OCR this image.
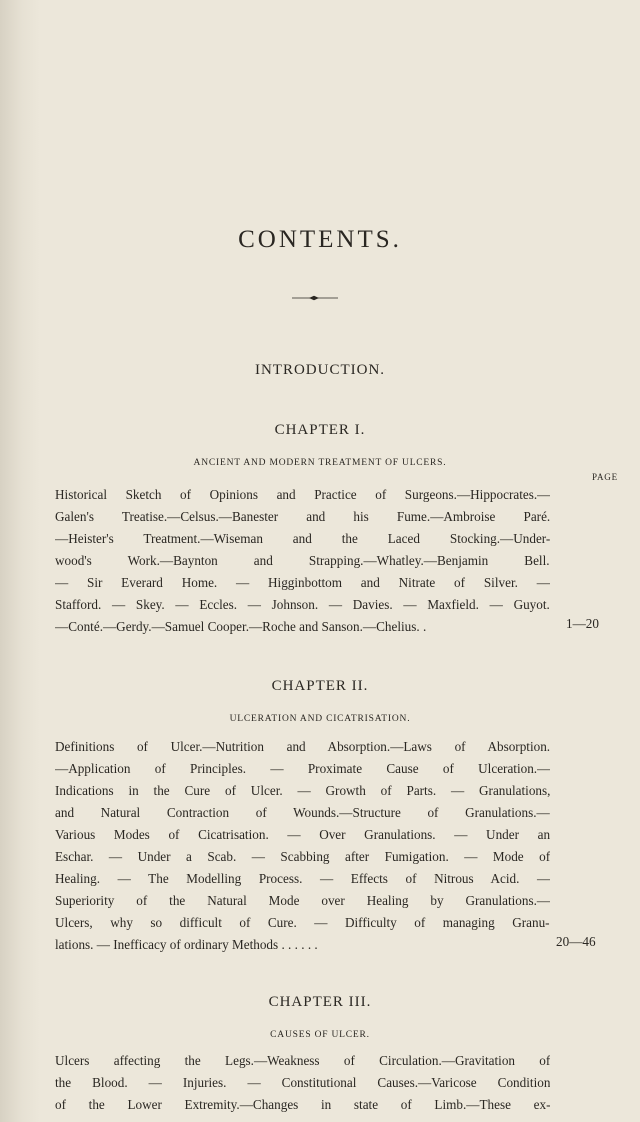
CONTENTS.
INTRODUCTION.
CHAPTER I.
ANCIENT AND MODERN TREATMENT OF ULCERS.
PAGE
Historical Sketch of Opinions and Practice of Surgeons.—Hippocrates.—
Galen's Treatise.—Celsus.—Banester and his Fume.—Ambroise Paré.
—Heister's Treatment.—Wiseman and the Laced Stocking.—Under-
wood's Work.—Baynton and Strapping.—Whatley.—Benjamin Bell.
— Sir Everard Home. — Higginbottom and Nitrate of Silver. —
Stafford. — Skey. — Eccles. — Johnson. — Davies. — Maxfield. — Guyot.
—Conté.—Gerdy.—Samuel Cooper.—Roche and Sanson.—Chelius. .	1—20
CHAPTER II.
ULCERATION AND CICATRISATION.
Definitions of Ulcer.—Nutrition and Absorption.—Laws of Absorption.
—Application of Principles. — Proximate Cause of Ulceration.—
Indications in the Cure of Ulcer. — Growth of Parts. — Granulations,
and Natural Contraction of Wounds.—Structure of Granulations.—
Various Modes of Cicatrisation. — Over Granulations. — Under an
Eschar. — Under a Scab. — Scabbing after Fumigation. — Mode of
Healing. — The Modelling Process. — Effects of Nitrous Acid. —
Superiority of the Natural Mode over Healing by Granulations.—
Ulcers, why so difficult of Cure. — Difficulty of managing Granu-
lations. — Inefficacy of ordinary Methods . . . . . .	20—46
CHAPTER III.
CAUSES OF ULCER.
Ulcers affecting the Legs.—Weakness of Circulation.—Gravitation of
the Blood. — Injuries. — Constitutional Causes.—Varicose Condition
of the Lower Extremity.—Changes in state of Limb.—These ex-
